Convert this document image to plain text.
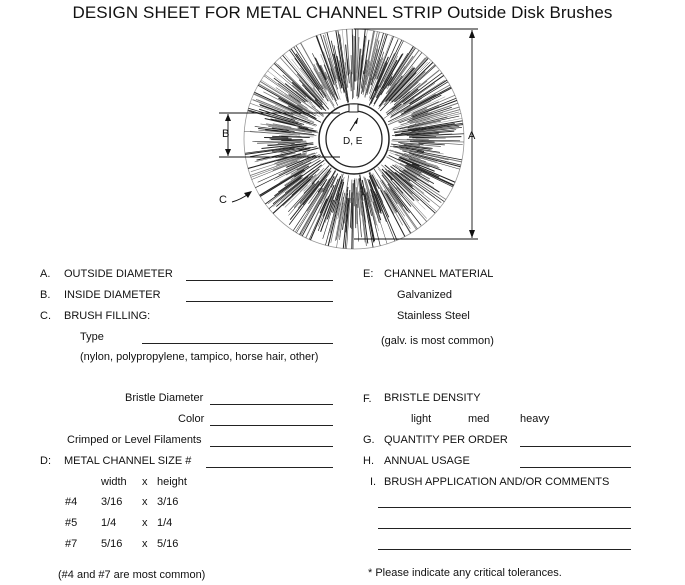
DESIGN SHEET FOR METAL CHANNEL STRIP Outside Disk Brushes
A
B
C
D, E
A. OUTSIDE DIAMETER
B. INSIDE DIAMETER
C. BRUSH FILLING:
Type
(nylon, polypropylene, tampico, horse hair, other)
Bristle Diameter
Color
Crimped or Level Filaments
D: METAL CHANNEL SIZE #
width x height
#4 3/16 x 3/16
#5 1/4 x 1/4
#7 5/16 x 5/16
(#4 and #7 are most common)
E: CHANNEL MATERIAL
Galvanized
Stainless Steel
(galv. is most common)
F. BRISTLE DENSITY
light	med	heavy
G. QUANTITY PER ORDER
H. ANNUAL USAGE
I. BRUSH APPLICATION AND/OR COMMENTS
* Please indicate any critical tolerances.
